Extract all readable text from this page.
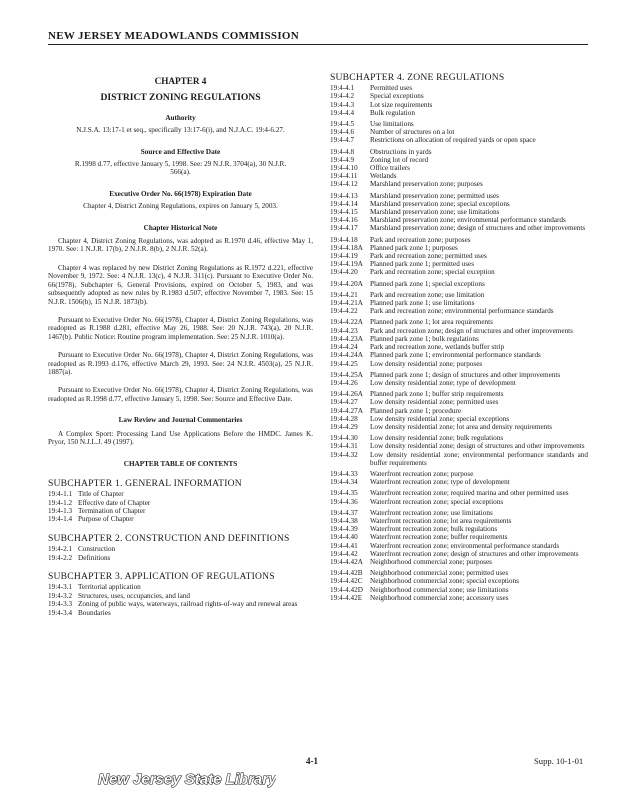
NEW JERSEY MEADOWLANDS COMMISSION
CHAPTER 4
DISTRICT ZONING REGULATIONS
Authority
N.J.S.A. 13:17-1 et seq., specifically 13:17-6(i), and N.J.A.C. 19:4-6.27.
Source and Effective Date
R.1998 d.77, effective January 5, 1998. See: 29 N.J.R. 3704(a), 30 N.J.R. 566(a).
Executive Order No. 66(1978) Expiration Date
Chapter 4, District Zoning Regulations, expires on January 5, 2003.
Chapter Historical Note
Chapter 4, District Zoning Regulations, was adopted as R.1970 d.46, effective May 1, 1970. See: 1 N.J.R. 17(b), 2 N.J.R. 8(b), 2 N.J.R. 52(a).
Chapter 4 was replaced by new District Zoning Regulations as R.1972 d.221, effective November 9, 1972. See: 4 N.J.R. 13(c), 4 N.J.R. 311(c). Pursuant to Executive Order No. 66(1978), Subchapter 6, General Provisions, expired on October 5, 1983, and was subsequently adopted as new rules by R.1983 d.507, effective November 7, 1983. See: 15 N.J.R. 1506(b), 15 N.J.R. 1873(b).
Pursuant to Executive Order No. 66(1978), Chapter 4, District Zoning Regulations, was readopted as R.1988 d.281, effective May 26, 1988. See: 20 N.J.R. 743(a), 20 N.J.R. 1467(b). Public Notice: Routine program implementation. See: 25 N.J.R. 1010(a).
Pursuant to Executive Order No. 66(1978), Chapter 4, District Zoning Regulations, was readopted as R.1993 d.176, effective March 29, 1993. See: 24 N.J.R. 4503(a), 25 N.J.R. 1887(a).
Pursuant to Executive Order No. 66(1978), Chapter 4, District Zoning Regulations, was readopted as R.1998 d.77, effective January 5, 1998. See: Source and Effective Date.
Law Review and Journal Commentaries
A Complex Sport: Processing Land Use Applications Before the HMDC. James K. Pryor, 150 N.J.L.J. 49 (1997).
CHAPTER TABLE OF CONTENTS
SUBCHAPTER 1. GENERAL INFORMATION
19:4-1.1 Title of Chapter
19:4-1.2 Effective date of Chapter
19:4-1.3 Termination of Chapter
19:4-1.4 Purpose of Chapter
SUBCHAPTER 2. CONSTRUCTION AND DEFINITIONS
19:4-2.1 Construction
19:4-2.2 Definitions
SUBCHAPTER 3. APPLICATION OF REGULATIONS
19:4-3.1 Territorial application
19:4-3.2 Structures, uses, occupancies, and land
19:4-3.3 Zoning of public ways, waterways, railroad rights-of-way and renewal areas
19:4-3.4 Boundaries
SUBCHAPTER 4. ZONE REGULATIONS
19:4-4.1	Permitted uses
19:4-4.2	Special exceptions
19:4-4.3	Lot size requirements
19:4-4.4	Bulk regulation
19:4-4.5	Use limitations
19:4-4.6	Number of structures on a lot
19:4-4.7	Restrictions on allocation of required yards or open space
19:4-4.8	Obstructions in yards
19:4-4.9	Zoning lot of record
19:4-4.10	Office trailers
19:4-4.11	Wetlands
19:4-4.12	Marshland preservation zone; purposes
19:4-4.13	Marshland preservation zone; permitted uses
19:4-4.14	Marshland preservation zone; special exceptions
19:4-4.15	Marshland preservation zone; use limitations
19:4-4.16	Marshland preservation zone; environmental performance standards
19:4-4.17	Marshland preservation zone; design of structures and other improvements
19:4-4.18	Park and recreation zone; purposes
19:4-4.18A Planned park zone 1; purposes
19:4-4.19	Park and recreation zone; permitted uses
19:4-4.19A Planned park zone 1; permitted uses
19:4-4.20	Park and recreation zone; special exception
19:4-4.20A Planned park zone 1; special exceptions
19:4-4.21	Park and recreation zone; use limitation
19:4-4.21A Planned park zone 1; use limitations
19:4-4.22	Park and recreation zone; environmental performance standards
19:4-4.22A Planned park zone 1; lot area requirements
19:4-4.23	Park and recreation zone; design of structures and other improvements
19:4-4.23A Planned park zone 1; bulk regulations
19:4-4.24	Park and recreation zone, wetlands buffer strip
19:4-4.24A Planned park zone 1; environmental performance standards
19:4-4.25	Low density residential zone; purposes
19:4-4.25A Planned park zone 1; design of structures and other improvements
19:4-4.26	Low density residential zone; type of development
19:4-4.26A Planned park zone 1; buffer strip requirements
19:4-4.27	Low density residential zone; permitted uses
19:4-4.27A Planned park zone 1; procedure
19:4-4.28	Low density residential zone; special exceptions
19:4-4.29	Low density residential zone; lot area and density requirements
19:4-4.30	Low density residential zone; bulk regulations
19:4-4.31	Low density residential zone; design of structures and other improvements
19:4-4.32	Low density residential zone; environmental performance standards and buffer requirements
19:4-4.33	Waterfront recreation zone; purpose
19:4-4.34	Waterfront recreation zone; type of development
19:4-4.35	Waterfront recreation zone; required marina and other permitted uses
19:4-4.36	Waterfront recreation zone; special exceptions
19:4-4.37	Waterfront recreation zone; use limitations
19:4-4.38	Waterfront recreation zone; lot area requirements
19:4-4.39	Waterfront recreation zone; bulk regulations
19:4-4.40	Waterfront recreation zone; buffer requirements
19:4-4.41	Waterfront recreation zone; environmental performance standards
19:4-4.42	Waterfront recreation zone; design of structures and other improvements
19:4-4.42A Neighborhood commercial zone; purposes
19:4-4.42B	Neighborhood commercial zone; permitted uses
19:4-4.42C	Neighborhood commercial zone; special exceptions
19:4-4.42D Neighborhood commercial zone; use limitations
19:4-4.42E	Neighborhood commercial zone; accessory uses
4-1	Supp. 10-1-01
New Jersey State Library
